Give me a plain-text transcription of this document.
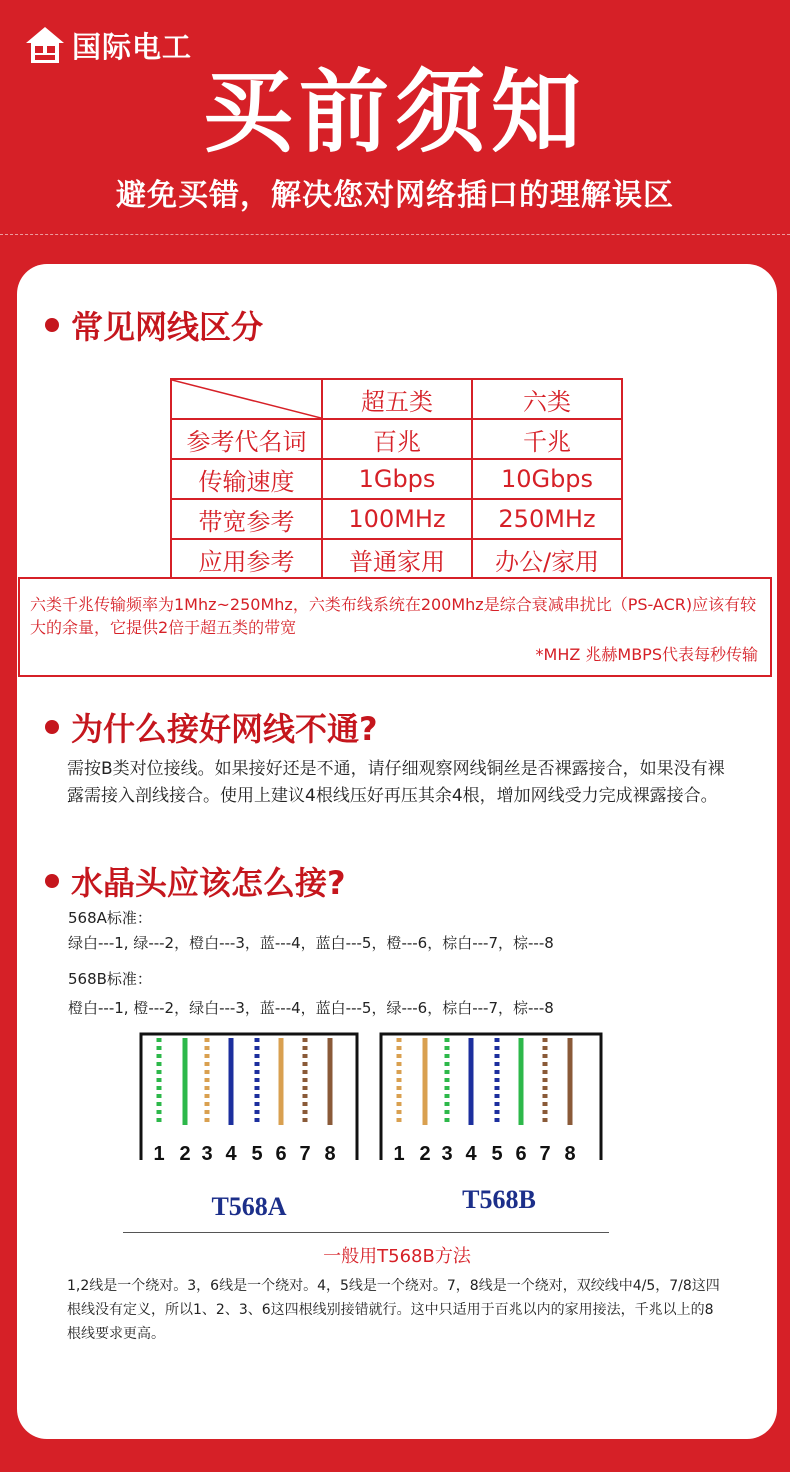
国际电工
买前须知
避免买错，解决您对网络插口的理解误区
常见网线区分
	超五类	六类
参考代名词	百兆	千兆
传输速度	1Gbps	10Gbps
带宽参考	100MHz	250MHz
应用参考	普通家用	办公/家用
六类千兆传输频率为1Mhz~250Mhz，六类布线系统在200Mhz是综合衰减串扰比（PS-ACR)应该有较大的余量，它提供2倍于超五类的带宽
*MHZ 兆赫MBPS代表每秒传输
为什么接好网线不通?
需按B类对位接线。如果接好还是不通，请仔细观察网线铜丝是否裸露接合，如果没有裸露需接入剖线接合。使用上建议4根线压好再压其余4根，增加网线受力完成裸露接合。
水晶头应该怎么接?
568A标准：
绿白---1, 绿---2，橙白---3，蓝---4，蓝白---5，橙---6，棕白---7，棕---8
568B标准：
橙白---1, 橙---2，绿白---3，蓝---4，蓝白---5，绿---6，棕白---7，棕---8
1 2 3 4 5 6 7 8	1 2 3 4 5 6 7 8
T568A	T568B
一般用T568B方法
1,2线是一个绕对。3，6线是一个绕对。4，5线是一个绕对。7，8线是一个绕对，双绞线中4/5，7/8这四根线没有定义，所以1、2、3、6这四根线别接错就行。这中只适用于百兆以内的家用接法，千兆以上的8根线要求更高。
